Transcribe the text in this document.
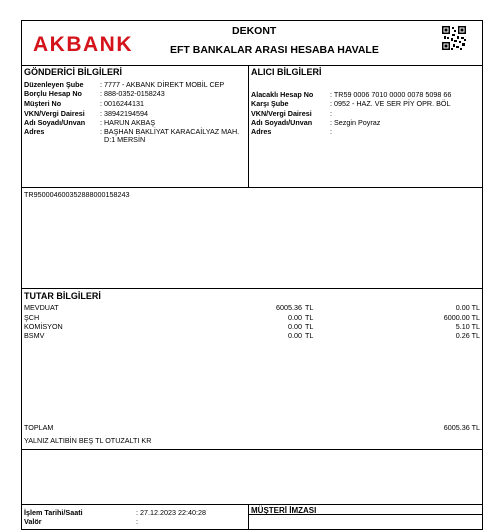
AKBANK
DEKONT
EFT BANKALAR ARASI HESABA HAVALE
GÖNDERİCİ BİLGİLERİ
Düzenleyen Şube : 7777 - AKBANK DİREKT MOBİL CEP
Borçlu Hesap No	: 888-0352-0158243
Müşteri No	: 0016244131
VKN/Vergi Dairesi : 38942194594
Adı Soyadı/Unvan : HARUN AKBAŞ
Adres	: BAŞHAN BAKLİYAT KARACAİLYAZ MAH.
D:1 MERSİN
ALICI BİLGİLERİ
Alacaklı Hesap No : TR59 0006 7010 0000 0078 5098 66
Karşı Şube	: 0952 - HAZ. VE SER PİY OPR. BÖL
VKN/Vergi Dairesi	:
Adı Soyadı/Unvan : Sezgin Poyraz
Adres	:
TR950004600352888000158243
TUTAR BİLGİLERİ
MEVDUAT	6005.36 TL	0.00 TL
ŞCH	0.00 TL	6000.00 TL
KOMİSYON	0.00 TL	5.10 TL
BSMV	0.00 TL	0.26 TL
TOPLAM	6005.36 TL
YALNIZ ALTIBİN BEŞ TL OTUZALTI KR
İşlem Tarihi/Saati	: 27.12.2023 22:40:28
Valör	:
MÜŞTERİ İMZASI
